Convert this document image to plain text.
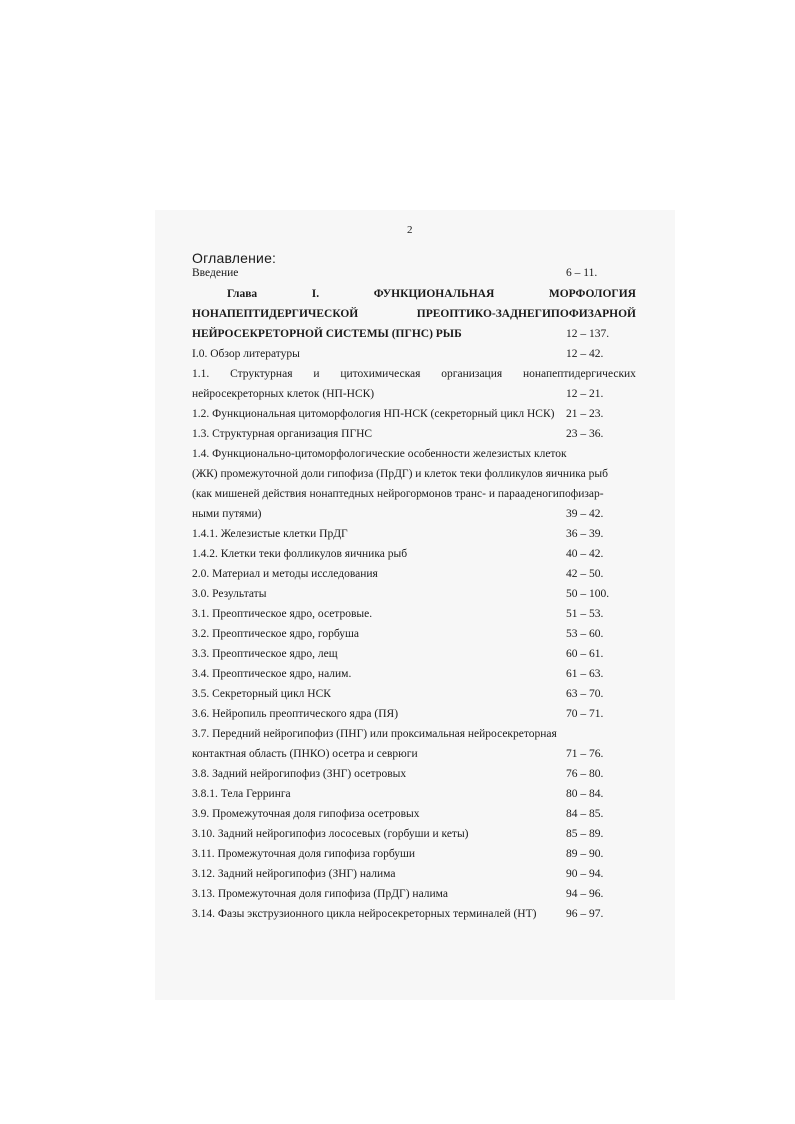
2
Оглавление:
Введение	6 – 11.
Глава	I.	ФУНКЦИОНАЛЬНАЯ	МОРФОЛОГИЯ
НОНАПЕПТИДЕРГИЧЕСКОЙ	ПРЕОПТИКО-ЗАДНЕГИПОФИЗАРНОЙ
НЕЙРОСЕКРЕТОРНОЙ СИСТЕМЫ (ПГНС) РЫБ	12 – 137.
I.0. Обзор литературы	12 – 42.
1.1. Структурная и цитохимическая организация нонапептидергических
нейросекреторных клеток (НП-НСК)	12 – 21.
1.2. Функциональная цитоморфология НП-НСК (секреторный цикл НСК) 21 – 23.
1.3. Структурная организация ПГНС	23 – 36.
1.4. Функционально-цитоморфологические особенности железистых клеток
(ЖК) промежуточной доли гипофиза (ПрДГ) и клеток теки фолликулов яичника рыб
(как мишеней действия нонаптедных нейрогормонов транс- и парааденогипофизар-
ными путями)	39 – 42.
1.4.1. Железистые клетки ПрДГ	36 – 39.
1.4.2. Клетки теки фолликулов яичника рыб	40 – 42.
2.0. Материал и методы исследования	42 – 50.
3.0. Результаты	50 – 100.
3.1. Преоптическое ядро, осетровые.	51 – 53.
3.2. Преоптическое ядро, горбуша	53 – 60.
3.3. Преоптическое ядро, лещ	60 – 61.
3.4. Преоптическое ядро, налим.	61 – 63.
3.5. Секреторный цикл НСК	63 – 70.
3.6. Нейропиль преоптического ядра (ПЯ)	70 – 71.
3.7. Передний нейрогипофиз (ПНГ) или проксимальная нейросекреторная
контактная область (ПНКО) осетра и севрюги	71 – 76.
3.8. Задний нейрогипофиз (ЗНГ) осетровых	76 – 80.
3.8.1. Тела Герринга	80 – 84.
3.9. Промежуточная доля гипофиза осетровых	84 – 85.
3.10. Задний нейрогипофиз лососевых (горбуши и кеты)	85 – 89.
3.11. Промежуточная доля гипофиза горбуши	89 – 90.
3.12. Задний нейрогипофиз (ЗНГ) налима	90 – 94.
3.13. Промежуточная доля гипофиза (ПрДГ) налима	94 – 96.
3.14. Фазы экструзионного цикла нейросекреторных терминалей (НТ)	96 – 97.
